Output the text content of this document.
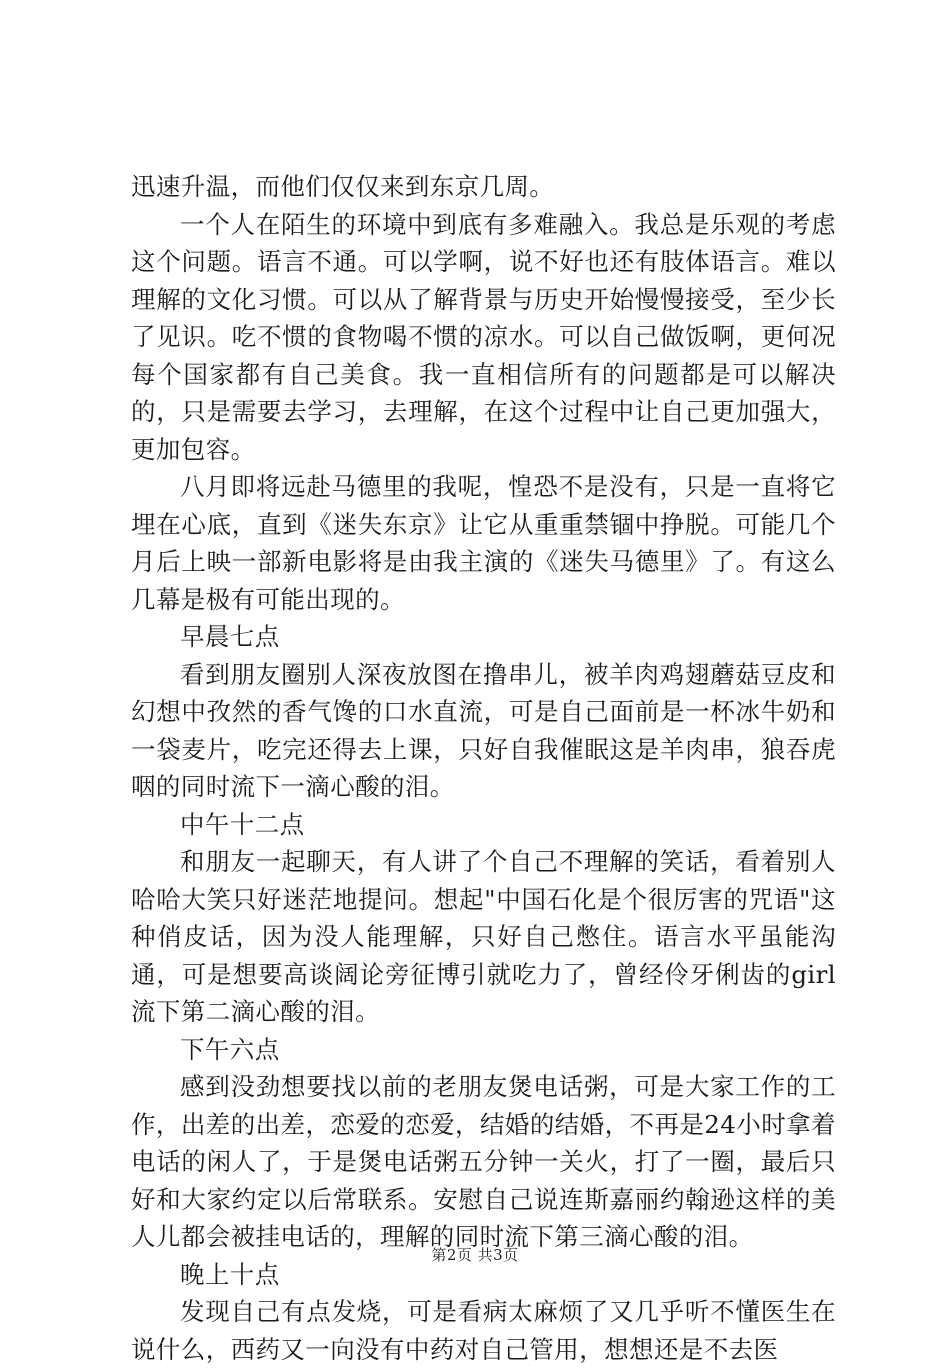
迅速升温，而他们仅仅来到东京几周。

一个人在陌生的环境中到底有多难融入。我总是乐观的考虑这个问题。语言不通。可以学啊，说不好也还有肢体语言。难以理解的文化习惯。可以从了解背景与历史开始慢慢接受，至少长了见识。吃不惯的食物喝不惯的凉水。可以自己做饭啊，更何况每个国家都有自己美食。我一直相信所有的问题都是可以解决的，只是需要去学习，去理解，在这个过程中让自己更加强大，更加包容。

八月即将远赴马德里的我呢，惶恐不是没有，只是一直将它埋在心底，直到《迷失东京》让它从重重禁锢中挣脱。可能几个月后上映一部新电影将是由我主演的《迷失马德里》了。有这么几幕是极有可能出现的。

早晨七点

看到朋友圈别人深夜放图在撸串儿，被羊肉鸡翅蘑菇豆皮和幻想中孜然的香气馋的口水直流，可是自己面前是一杯冰牛奶和一袋麦片，吃完还得去上课，只好自我催眠这是羊肉串，狼吞虎咽的同时流下一滴心酸的泪。

中午十二点

和朋友一起聊天，有人讲了个自己不理解的笑话，看着别人哈哈大笑只好迷茫地提问。想起"中国石化是个很厉害的咒语"这种俏皮话，因为没人能理解，只好自己憋住。语言水平虽能沟通，可是想要高谈阔论旁征博引就吃力了，曾经伶牙俐齿的girl流下第二滴心酸的泪。

下午六点

感到没劲想要找以前的老朋友煲电话粥，可是大家工作的工作，出差的出差，恋爱的恋爱，结婚的结婚，不再是24小时拿着电话的闲人了，于是煲电话粥五分钟一关火，打了一圈，最后只好和大家约定以后常联系。安慰自己说连斯嘉丽约翰逊这样的美人儿都会被挂电话的，理解的同时流下第三滴心酸的泪。

晚上十点

发现自己有点发烧，可是看病太麻烦了又几乎听不懂医生在说什么，西药又一向没有中药对自己管用，想想还是不去医

第2页 共3页
